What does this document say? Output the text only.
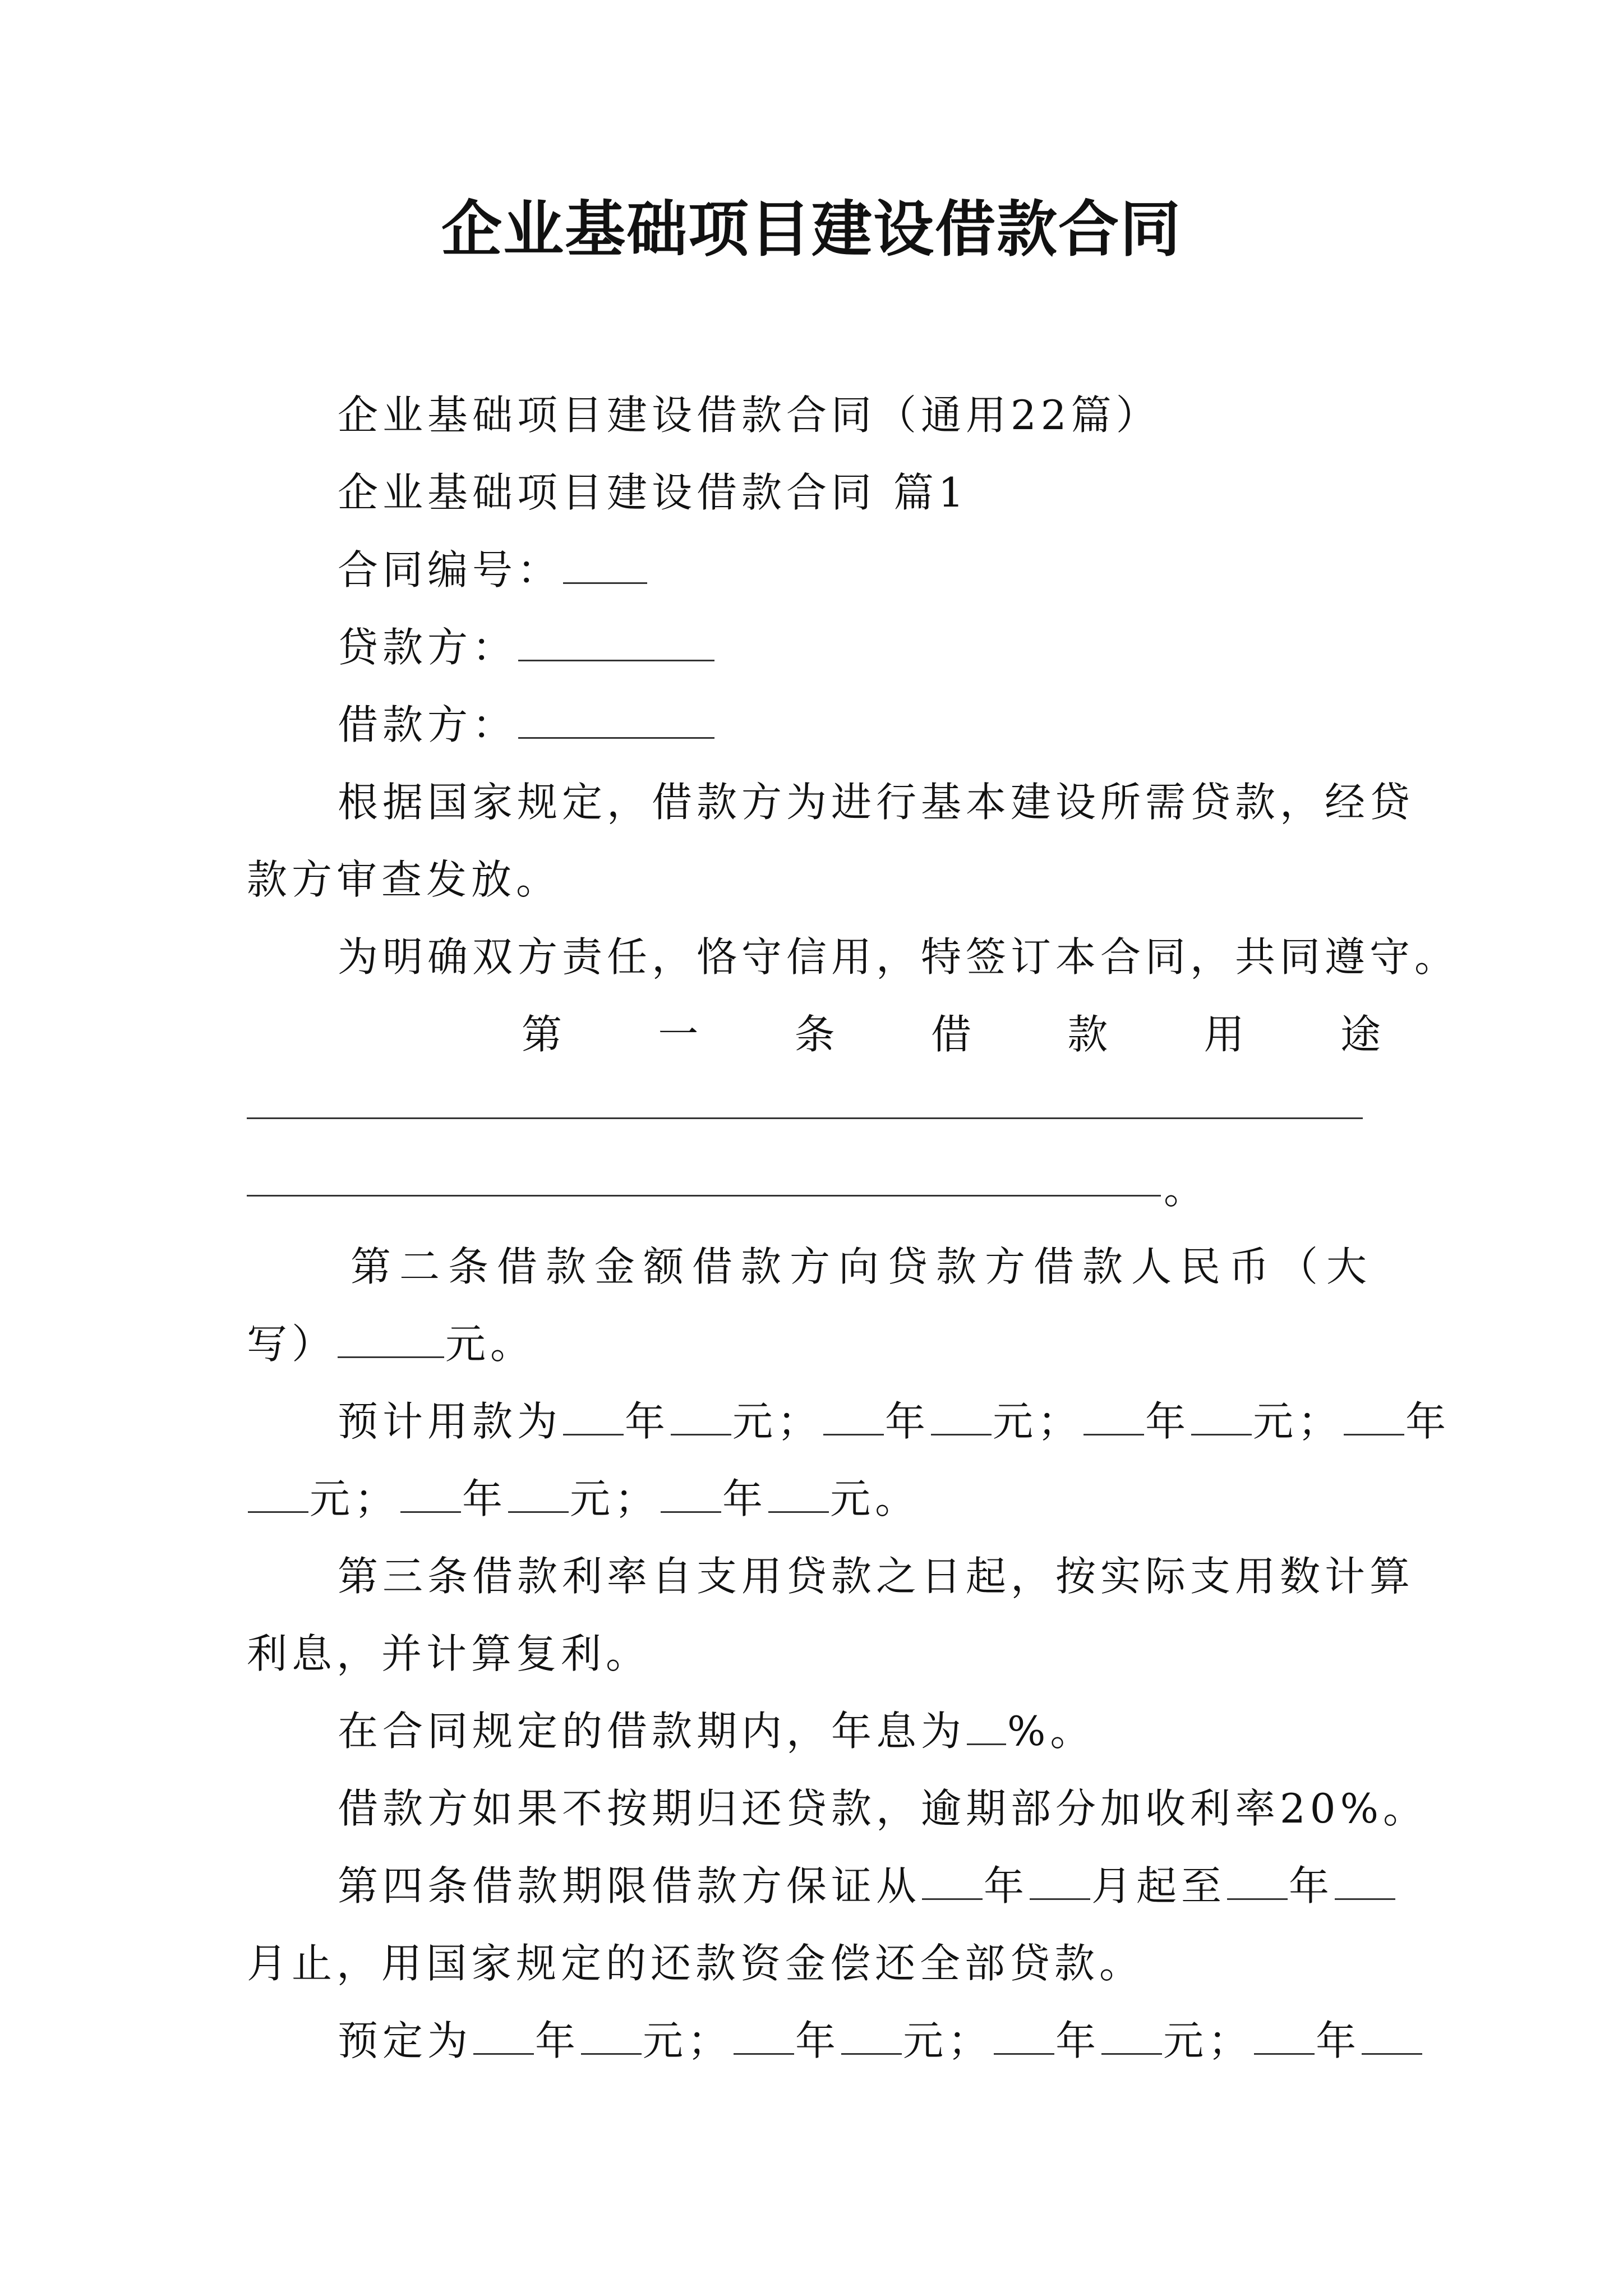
企业基础项目建设借款合同
企业基础项目建设借款合同（通用22篇）
企业基础项目建设借款合同 篇1
合同编号：
贷款方：
借款方：
根据国家规定，借款方为进行基本建设所需贷款，经贷
款方审查发放。
为明确双方责任，恪守信用，特签订本合同，共同遵守。
第 一 条 借 款 用 途
。
第二条借款金额借款方向贷款方借款人民币（大
写）	元。
预计用款为 年 元； 年 元； 年 元； 年
元； 年 元； 年 元。
第三条借款利率自支用贷款之日起，按实际支用数计算
利息，并计算复利。
在合同规定的借款期内，年息为 %。
借款方如果不按期归还贷款，逾期部分加收利率20%。
第四条借款期限借款方保证从 年 月起至 年
月止，用国家规定的还款资金偿还全部贷款。
预定为 年 元； 年 元； 年 元； 年
